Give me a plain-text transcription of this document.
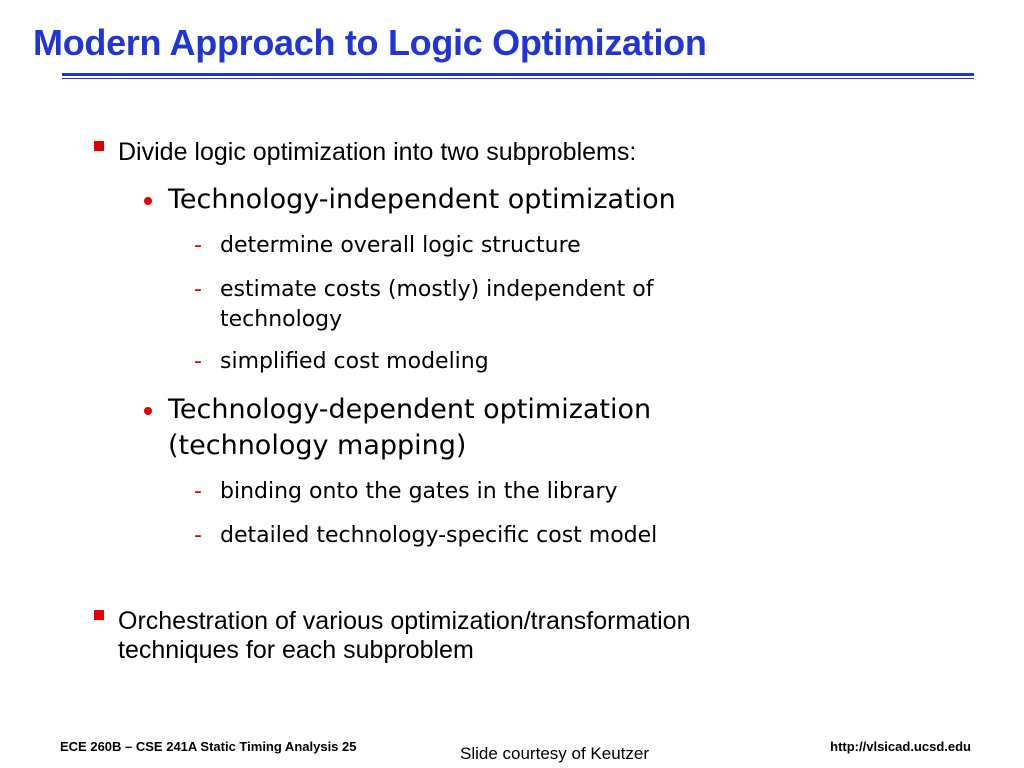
Modern Approach to Logic Optimization
Divide logic optimization into two subproblems:
Technology-independent optimization
- determine overall logic structure
- estimate costs (mostly) independent of
technology
- simplified cost modeling
Technology-dependent optimization
(technology mapping)
- binding onto the gates in the library
- detailed technology-specific cost model
Orchestration of various optimization/transformation
techniques for each subproblem
ECE 260B – CSE 241A Static Timing Analysis 25	Slide courtesy of Keutzer	http://vlsicad.ucsd.edu
